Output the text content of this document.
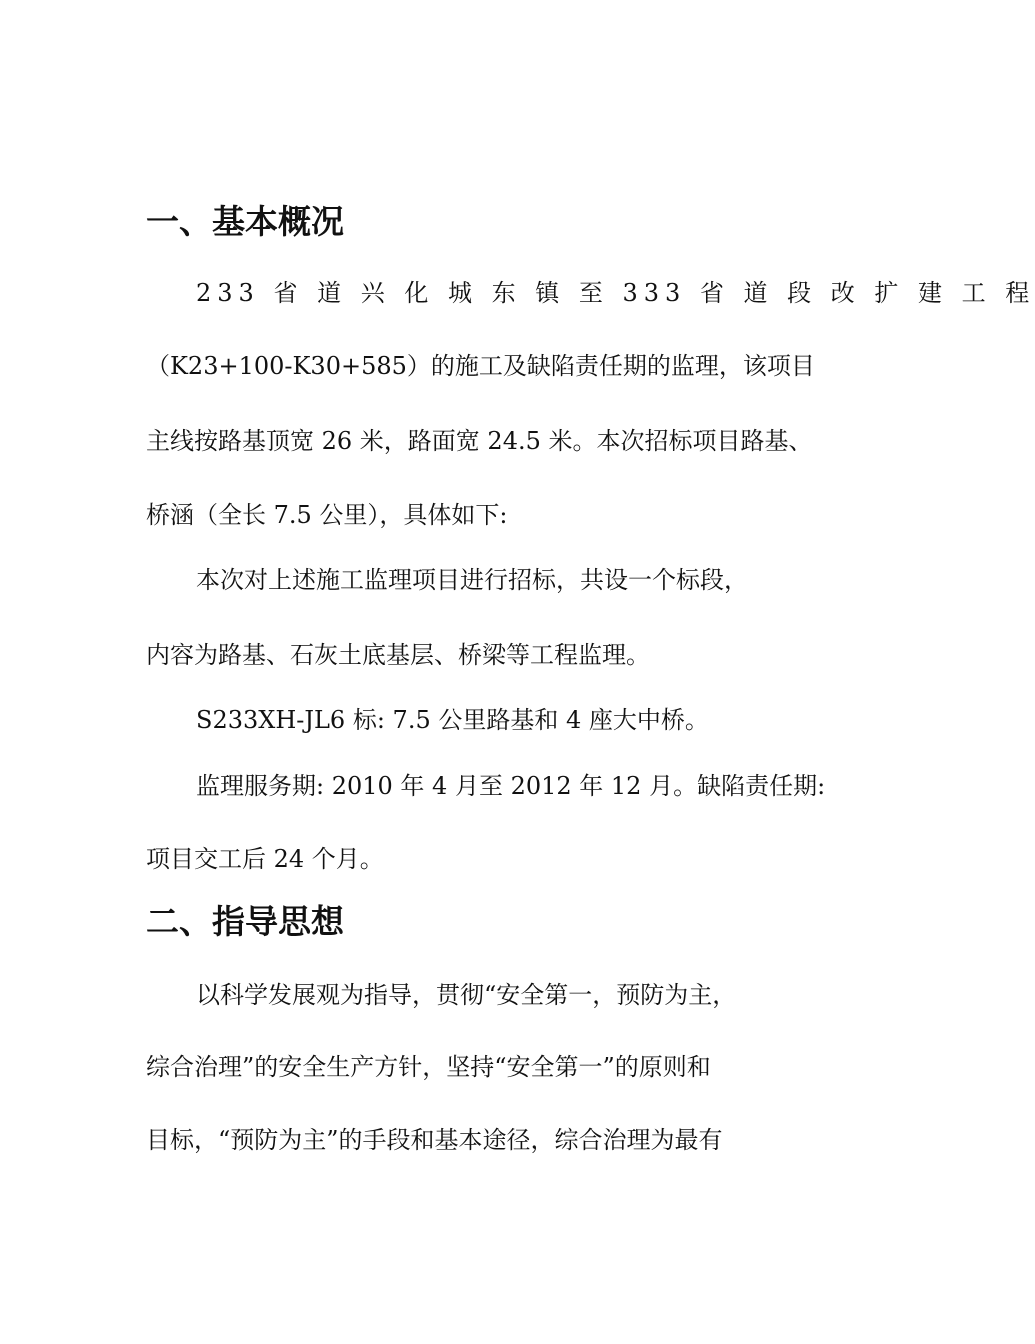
一、基本概况

233 省 道 兴 化 城 东 镇 至 333 省 道 段 改 扩 建 工 程

（K23+100-K30+585）的施工及缺陷责任期的监理，该项目

主线按路基顶宽 26 米，路面宽 24.5 米。本次招标项目路基、

桥涵（全长 7.5 公里），具体如下:

本次对上述施工监理项目进行招标，共设一个标段，

内容为路基、石灰土底基层、桥梁等工程监理。

S233XH-JL6 标: 7.5 公里路基和 4 座大中桥。

监理服务期: 2010 年 4 月至 2012 年 12 月。缺陷责任期:

项目交工后 24 个月。

二、指导思想

以科学发展观为指导，贯彻“安全第一，预防为主，

综合治理”的安全生产方针，坚持“安全第一”的原则和

目标，“预防为主”的手段和基本途径，综合治理为最有
